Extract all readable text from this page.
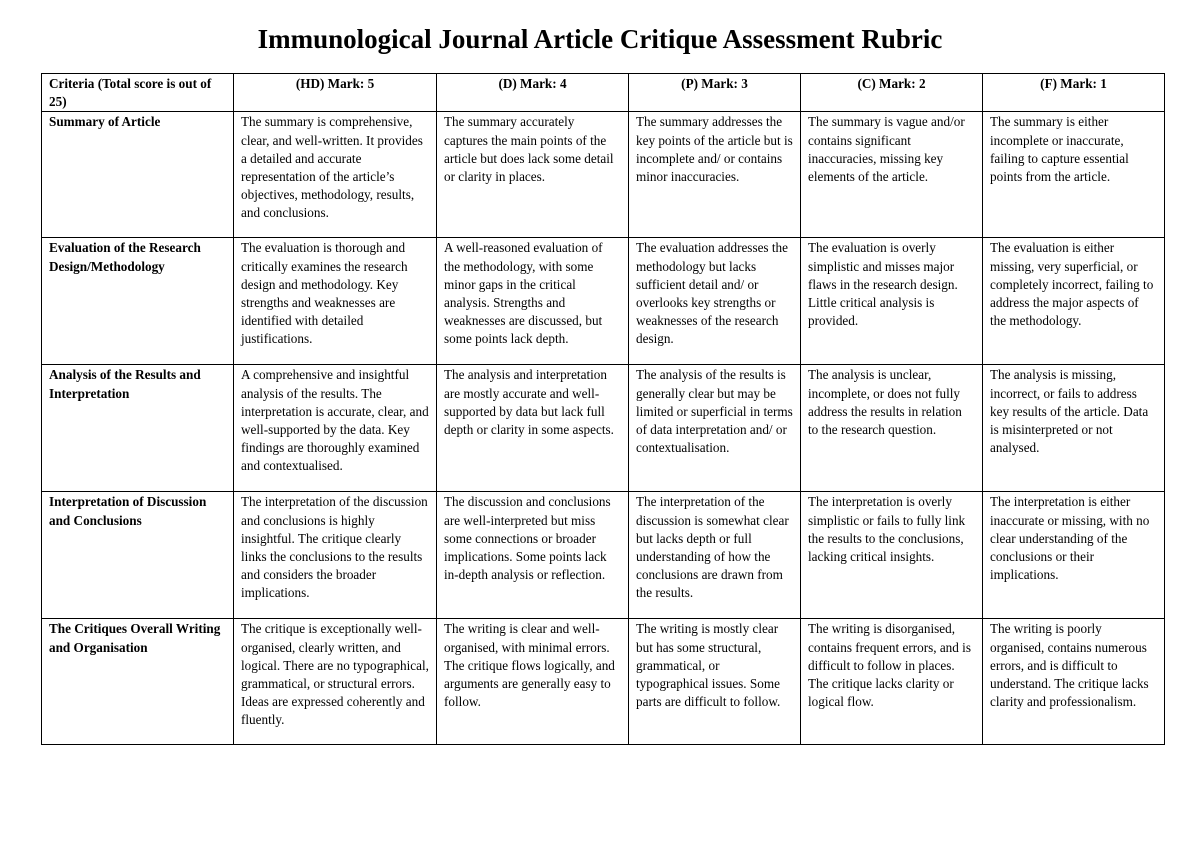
Immunological Journal Article Critique Assessment Rubric
Criteria (Total score is out of 25)	(HD) Mark: 5	(D) Mark: 4	(P) Mark: 3	(C) Mark: 2	(F) Mark: 1
Summary of Article	The summary is comprehensive, clear, and well-written. It provides a detailed and accurate representation of the article’s objectives, methodology, results, and conclusions.	The summary accurately captures the main points of the article but does lack some detail or clarity in places.	The summary addresses the key points of the article but is incomplete and/ or contains minor inaccuracies.	The summary is vague and/or contains significant inaccuracies, missing key elements of the article.	The summary is either incomplete or inaccurate, failing to capture essential points from the article.
Evaluation of the Research Design/Methodology	The evaluation is thorough and critically examines the research design and methodology. Key strengths and weaknesses are identified with detailed justifications.	A well-reasoned evaluation of the methodology, with some minor gaps in the critical analysis. Strengths and weaknesses are discussed, but some points lack depth.	The evaluation addresses the methodology but lacks sufficient detail and/ or overlooks key strengths or weaknesses of the research design.	The evaluation is overly simplistic and misses major flaws in the research design. Little critical analysis is provided.	The evaluation is either missing, very superficial, or completely incorrect, failing to address the major aspects of the methodology.
Analysis of the Results and Interpretation	A comprehensive and insightful analysis of the results. The interpretation is accurate, clear, and well-supported by the data. Key findings are thoroughly examined and contextualised.	The analysis and interpretation are mostly accurate and well-supported by data but lack full depth or clarity in some aspects.	The analysis of the results is generally clear but may be limited or superficial in terms of data interpretation and/ or contextualisation.	The analysis is unclear, incomplete, or does not fully address the results in relation to the research question.	The analysis is missing, incorrect, or fails to address key results of the article. Data is misinterpreted or not analysed.
Interpretation of Discussion and Conclusions	The interpretation of the discussion and conclusions is highly insightful. The critique clearly links the conclusions to the results and considers the broader implications.	The discussion and conclusions are well-interpreted but miss some connections or broader implications. Some points lack in-depth analysis or reflection.	The interpretation of the discussion is somewhat clear but lacks depth or full understanding of how the conclusions are drawn from the results.	The interpretation is overly simplistic or fails to fully link the results to the conclusions, lacking critical insights.	The interpretation is either inaccurate or missing, with no clear understanding of the conclusions or their implications.
The Critiques Overall Writing and Organisation	The critique is exceptionally well-organised, clearly written, and logical. There are no typographical, grammatical, or structural errors. Ideas are expressed coherently and fluently.	The writing is clear and well-organised, with minimal errors. The critique flows logically, and arguments are generally easy to follow.	The writing is mostly clear but has some structural, grammatical, or typographical issues. Some parts are difficult to follow.	The writing is disorganised, contains frequent errors, and is difficult to follow in places. The critique lacks clarity or logical flow.	The writing is poorly organised, contains numerous errors, and is difficult to understand. The critique lacks clarity and professionalism.
